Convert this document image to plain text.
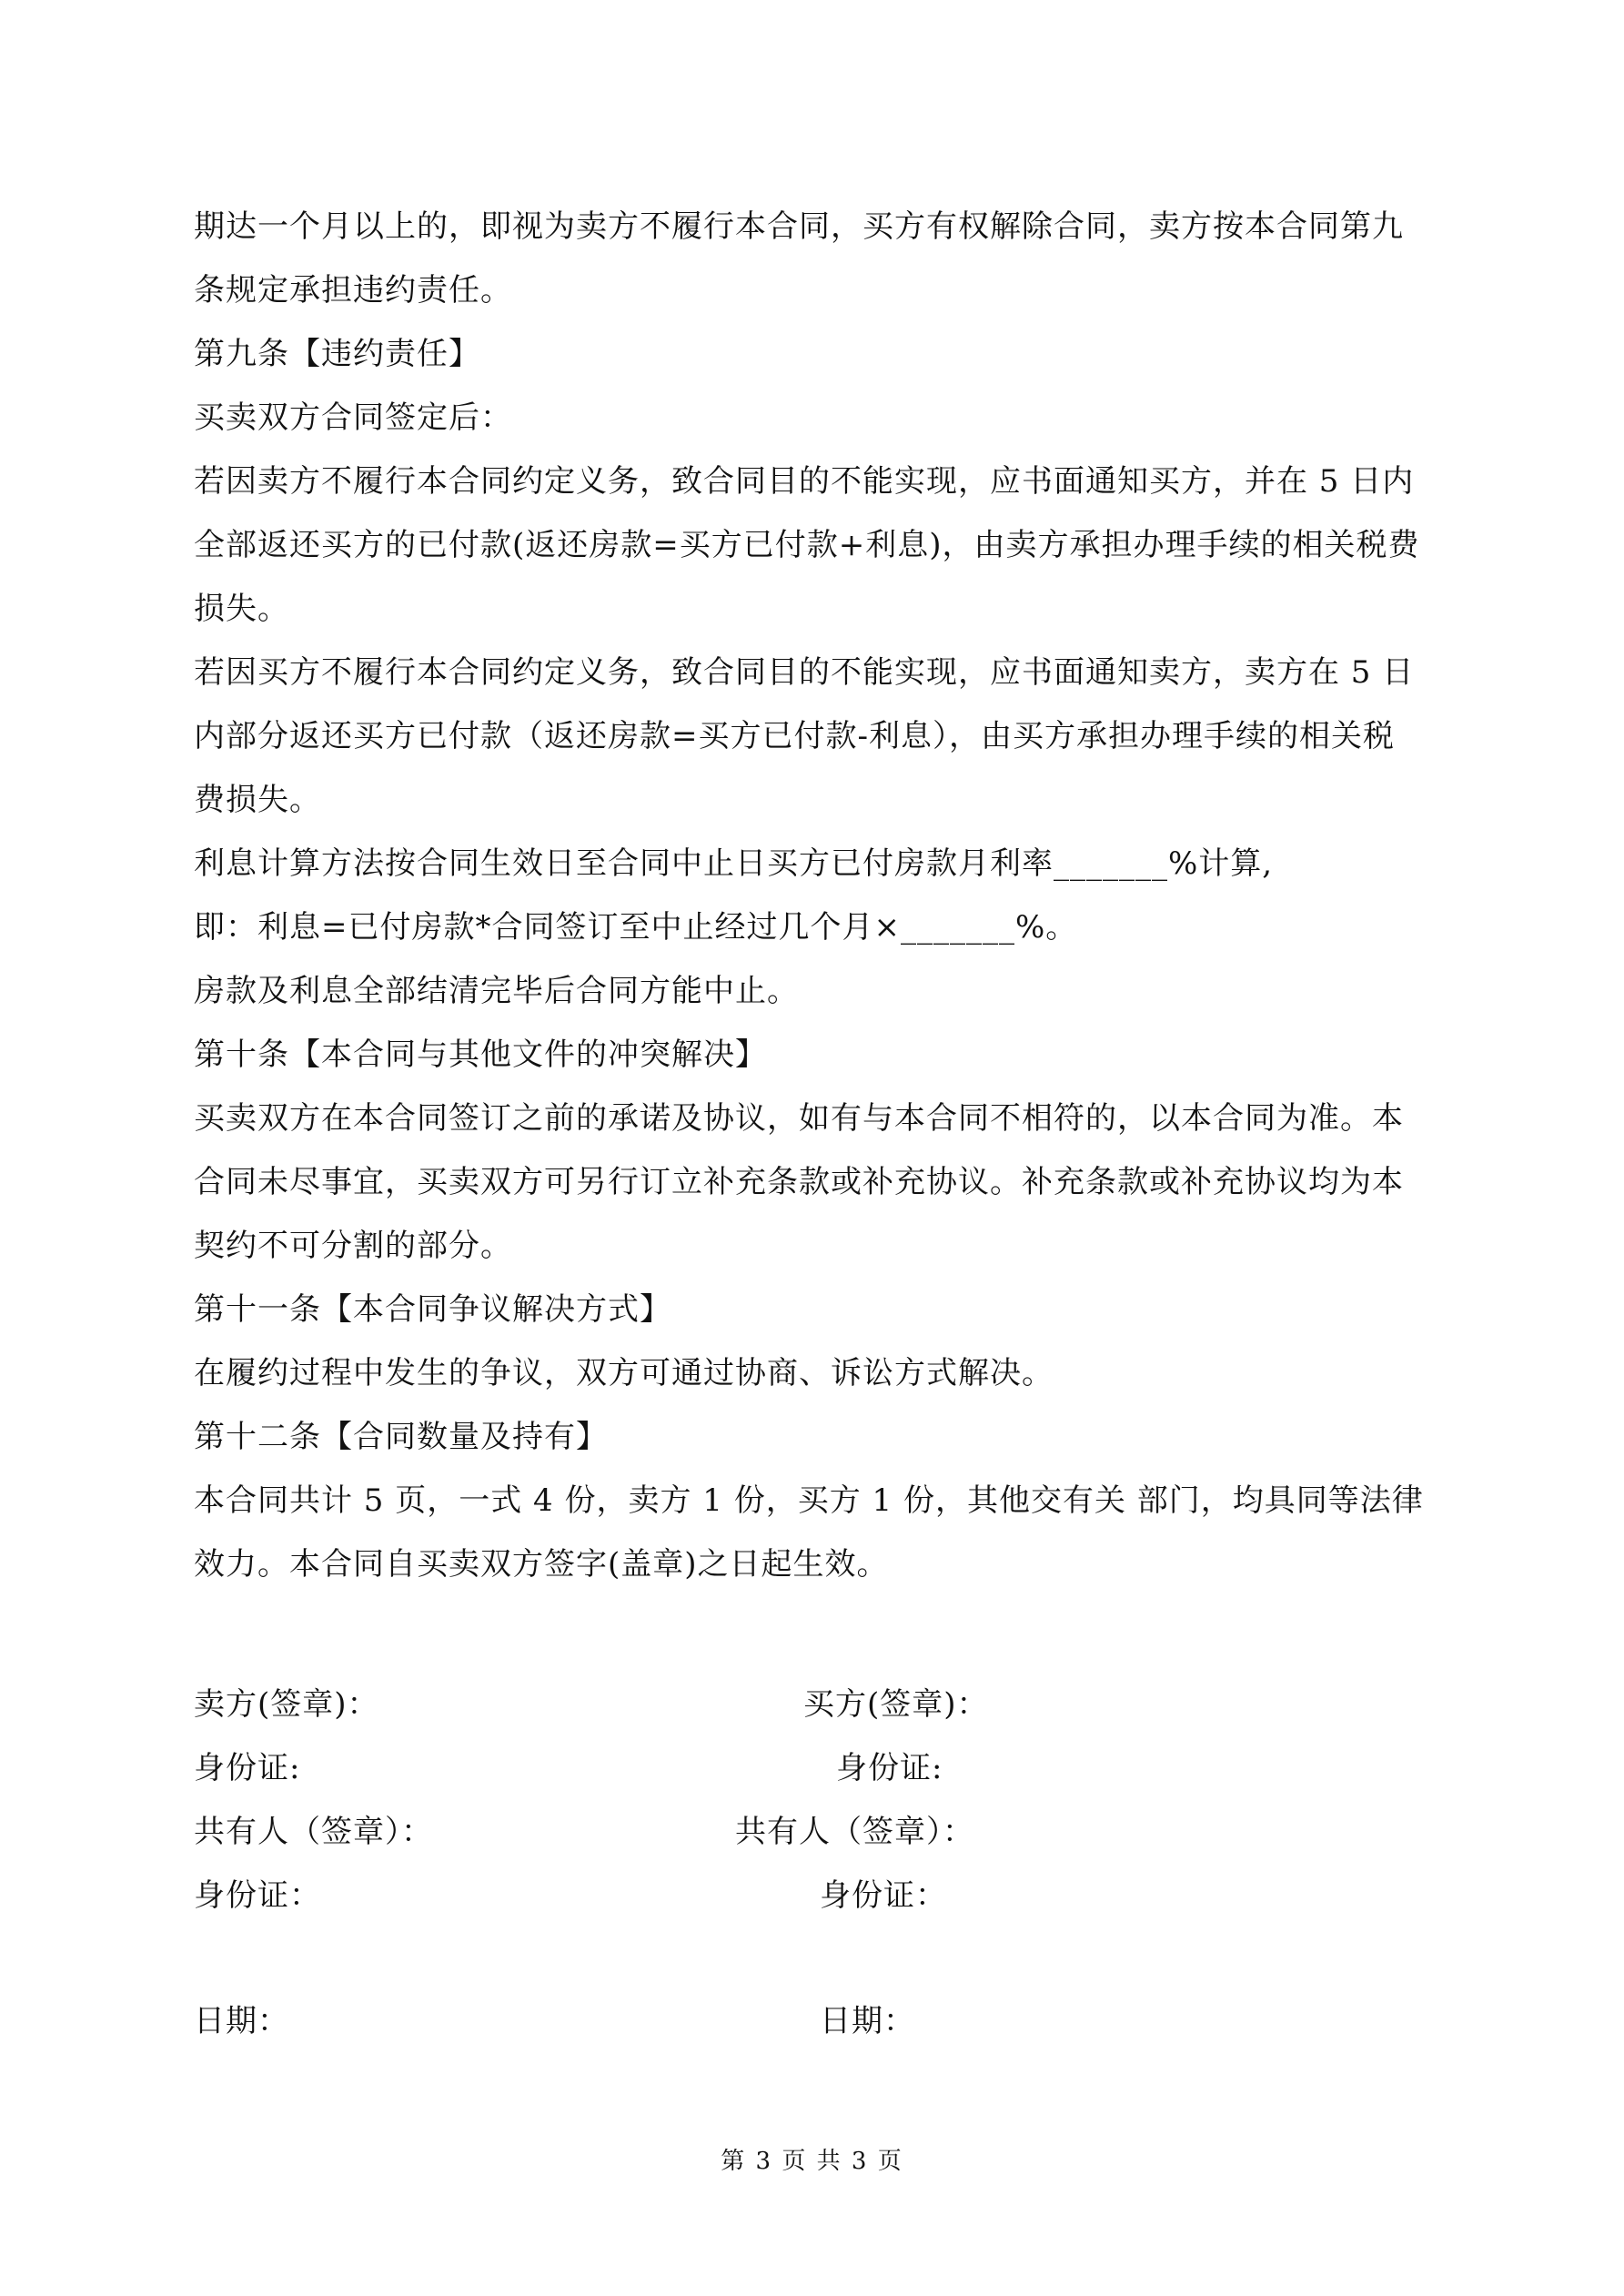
期达一个月以上的，即视为卖方不履行本合同，买方有权解除合同，卖方按本合同第九
条规定承担违约责任。
第九条【违约责任】
买卖双方合同签定后：
若因卖方不履行本合同约定义务，致合同目的不能实现，应书面通知买方，并在 5 日内
全部返还买方的已付款(返还房款=买方已付款+利息)，由卖方承担办理手续的相关税费
损失。
若因买方不履行本合同约定义务，致合同目的不能实现，应书面通知卖方，卖方在 5 日
内部分返还买方已付款（返还房款=买方已付款-利息），由买方承担办理手续的相关税
费损失。
利息计算方法按合同生效日至合同中止日买方已付房款月利率_______%计算,
即：利息=已付房款*合同签订至中止经过几个月×_______%。
房款及利息全部结清完毕后合同方能中止。
第十条【本合同与其他文件的冲突解决】
买卖双方在本合同签订之前的承诺及协议，如有与本合同不相符的，以本合同为准。本
合同未尽事宜，买卖双方可另行订立补充条款或补充协议。补充条款或补充协议均为本
契约不可分割的部分。
第十一条【本合同争议解决方式】
在履约过程中发生的争议，双方可通过协商、诉讼方式解决。
第十二条【合同数量及持有】
本合同共计 5 页，一式 4 份，卖方 1 份，买方 1 份，其他交有关 部门，均具同等法律
效力。本合同自买卖双方签字(盖章)之日起生效。
卖方(签章)：	买方(签章)：
身份证:	身份证:
共有人（签章）：	共有人（签章）：
身份证：	身份证：
日期：	日期：
第 3 页 共 3 页
